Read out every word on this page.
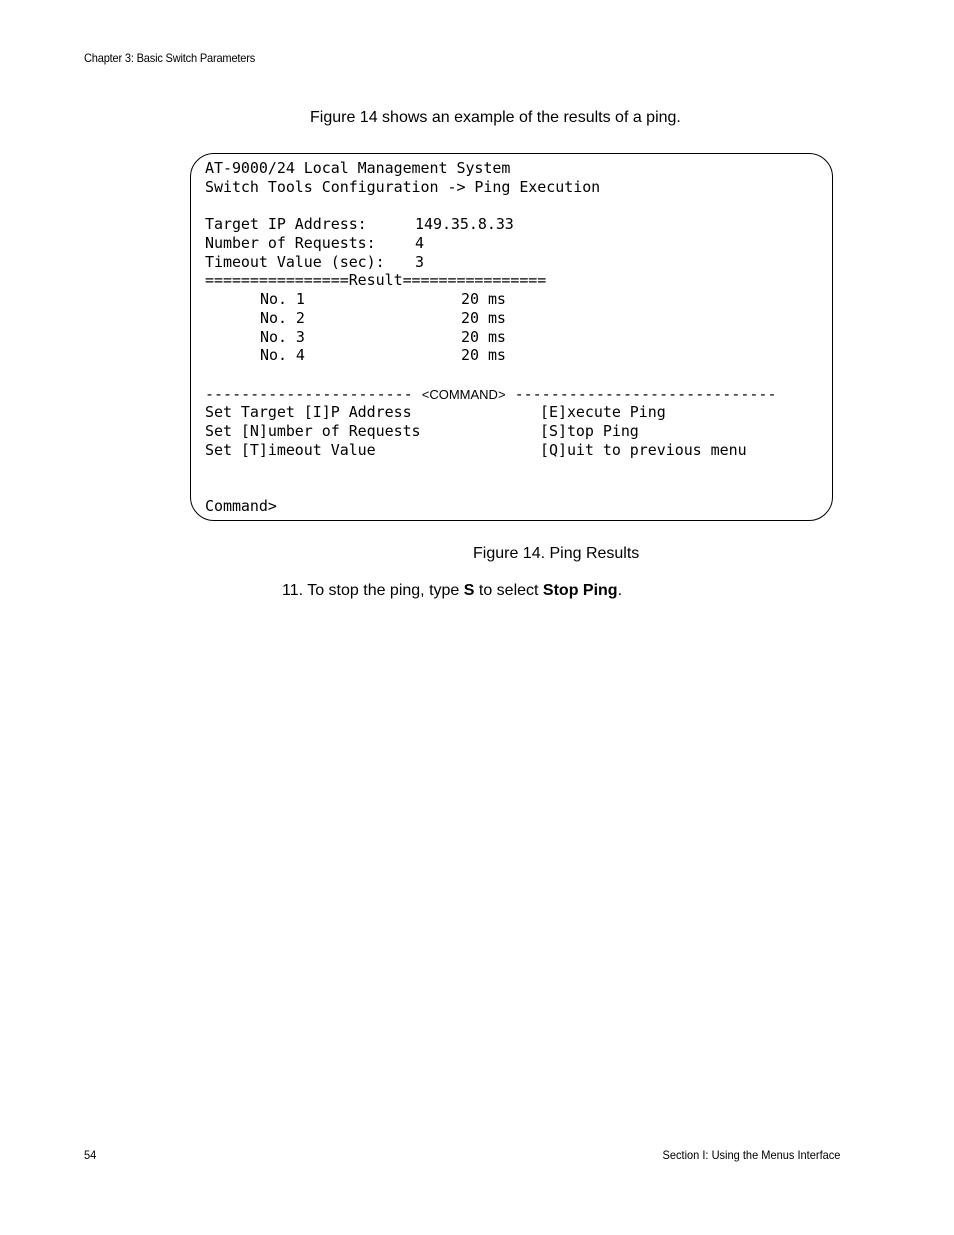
Chapter 3: Basic Switch Parameters
Figure 14 shows an example of the results of a ping.
AT-9000/24 Local Management System
Switch Tools Configuration -> Ping Execution
Target IP Address:	149.35.8.33
Number of Requests:	4
Timeout Value (sec): 3
================Result================
No. 1	20 ms
No. 2	20 ms
No. 3	20 ms
No. 4	20 ms
----------------------- <COMMAND> -----------------------------
Set Target [I]P Address	[E]xecute Ping
Set [N]umber of Requests	[S]top Ping
Set [T]imeout Value	[Q]uit to previous menu
Command>
Figure 14. Ping Results
11. To stop the ping, type S to select Stop Ping.
54	Section I: Using the Menus Interface
